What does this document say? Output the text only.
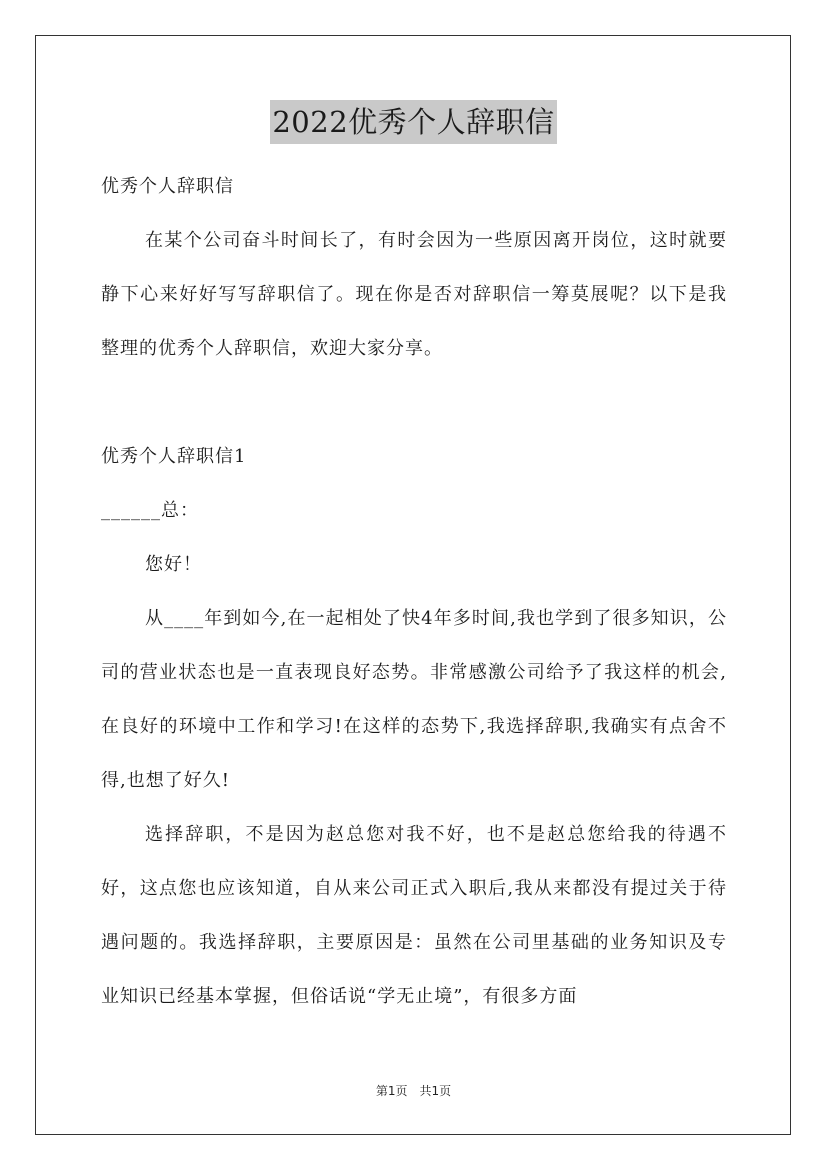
2022优秀个人辞职信

优秀个人辞职信

在某个公司奋斗时间长了，有时会因为一些原因离开岗位，这时就要静下心来好好写写辞职信了。现在你是否对辞职信一筹莫展呢？以下是我整理的优秀个人辞职信，欢迎大家分享。

优秀个人辞职信1

______总：

您好！

从____年到如今,在一起相处了快4年多时间,我也学到了很多知识，公司的营业状态也是一直表现良好态势。非常感激公司给予了我这样的机会,在良好的环境中工作和学习!在这样的态势下,我选择辞职,我确实有点舍不得,也想了好久!

选择辞职，不是因为赵总您对我不好，也不是赵总您给我的待遇不好，这点您也应该知道，自从来公司正式入职后,我从来都没有提过关于待遇问题的。我选择辞职，主要原因是：虽然在公司里基础的业务知识及专业知识已经基本掌握，但俗话说“学无止境”，有很多方面

第1页　共1页
